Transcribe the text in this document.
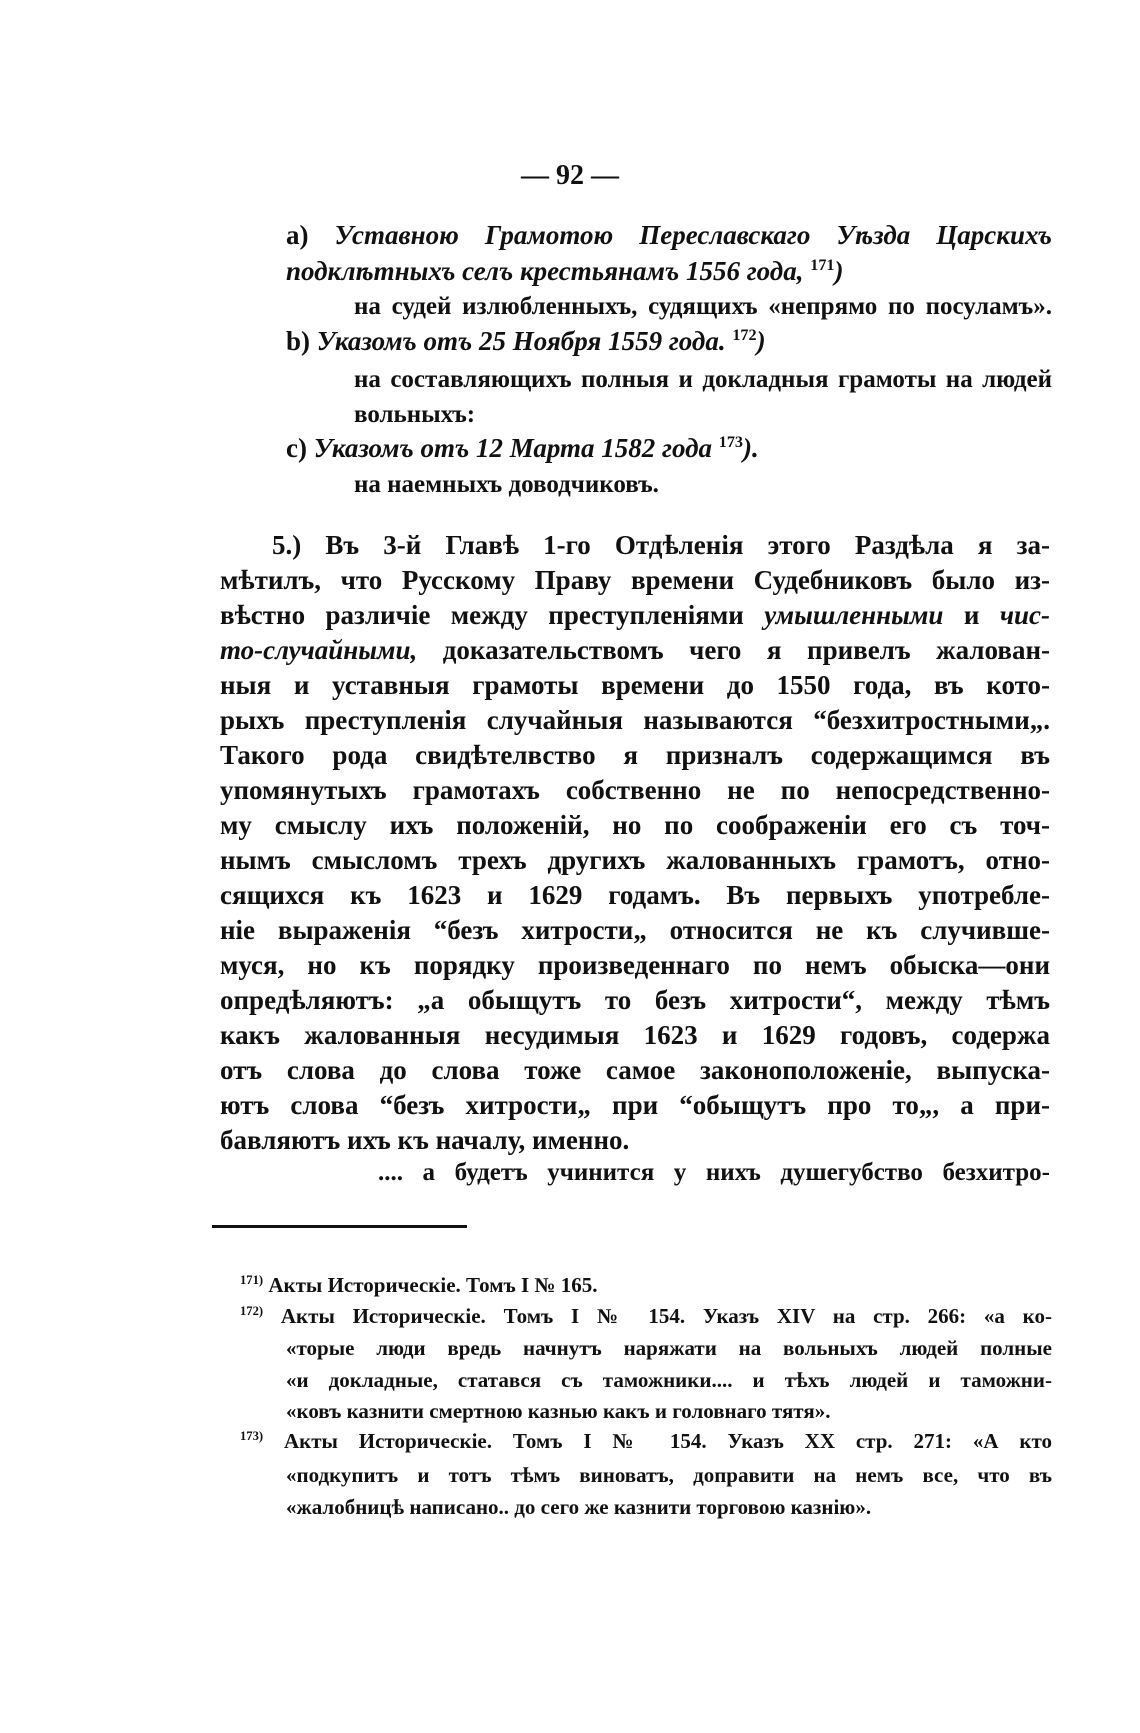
— 92 —
a) Уставною Грамотою Переславскаго Уѣзда Царскихъ
подклѣтныхъ селъ крестьянамъ 1556 года, $^{171}$)
на судей излюбленныхъ, судящихъ «непрямо по посуламъ».
b) Указомъ отъ 25 Ноября 1559 года. $^{172}$)
на составляющихъ полныя и докладныя грамоты на людей
вольныхъ:
c) Указомъ отъ 12 Марта 1582 года $^{173}$).
на наемныхъ доводчиковъ.
5.) Въ 3-й Главѣ 1-го Отдѣленія этого Раздѣла я за-
мѣтилъ, что Русскому Праву времени Судебниковъ было из-
вѣстно различіе между преступленіями умышленными и чис-
то-случайными, доказательствомъ чего я привелъ жалован-
ныя и уставныя грамоты времени до 1550 года, въ кото-
рыхъ преступленія случайныя называются “безхитростными„.
Такого рода свидѣтелвство я призналъ содержащимся въ
упомянутыхъ грамотахъ собственно не по непосредственно-
му смыслу ихъ положеній, но по соображеніи его съ точ-
нымъ смысломъ трехъ другихъ жалованныхъ грамотъ, отно-
сящихся къ 1623 и 1629 годамъ. Въ первыхъ употребле-
ніе выраженія “безъ хитрости„ относится не къ случивше-
муся, но къ порядку произведеннаго по немъ обыска—они
опредѣляютъ: „а обыщутъ то безъ хитрости“, между тѣмъ
какъ жалованныя несудимыя 1623 и 1629 годовъ, содержа
отъ слова до слова тоже самое законоположеніе, выпуска-
ютъ слова “безъ хитрости„ при “обыщутъ про то„, а при-
бавляютъ ихъ къ началу, именно.
.... а будетъ учинится у нихъ душегубство безхитро-
$^{171)}$ Акты Историческіе. Томъ I № 165.
$^{172)}$ Акты Историческіе. Томъ I № 154. Указъ XIV на стр. 266: «а ко-
«торые люди вредь начнутъ наряжати на вольныхъ людей полные
«и докладные, статався съ таможники.... и тѣхъ людей и таможни-
«ковъ казнити смертною казнью какъ и головнаго тятя».
$^{173)}$ Акты Историческіе. Томъ I № 154. Указъ XX стр. 271: «А кто
«подкупитъ и тотъ тѣмъ виноватъ, доправити на немъ все, что въ
«жалобницѣ написано.. до сего же казнити торговою казнію».
